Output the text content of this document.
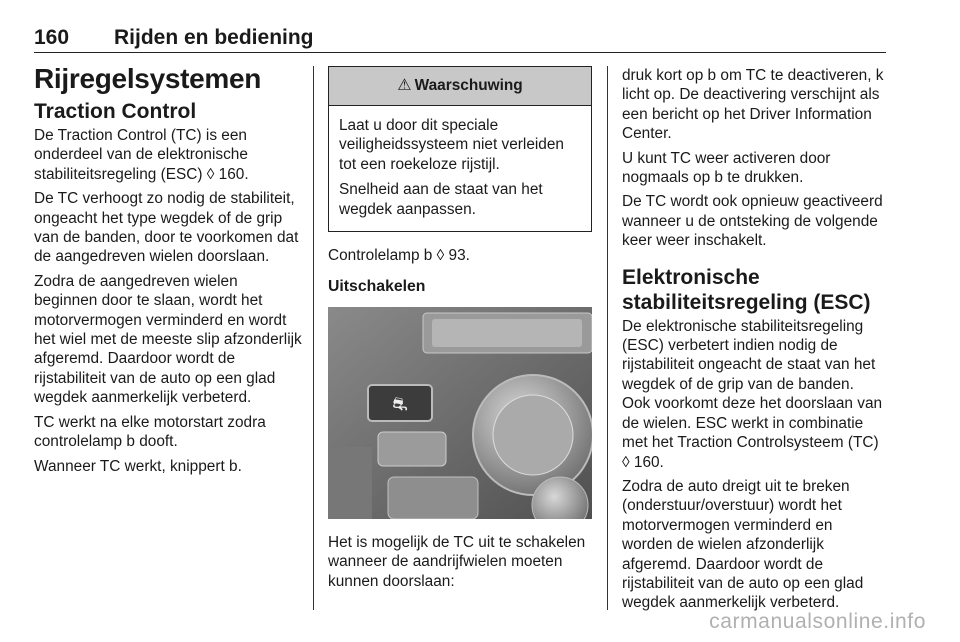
160 Rijden en bediening
Rijregelsystemen
Traction Control

De Traction Control (TC) is een onderdeel van de elektronische stabiliteitsregeling (ESC) ◊ 160.

De TC verhoogt zo nodig de stabiliteit, ongeacht het type wegdek of de grip van de banden, door te voorkomen dat de aangedreven wielen doorslaan.

Zodra de aangedreven wielen beginnen door te slaan, wordt het motorvermogen verminderd en wordt het wiel met de meeste slip afzonderlijk afgeremd. Daardoor wordt de rijstabiliteit van de auto op een glad wegdek aanmerkelijk verbeterd.

TC werkt na elke motorstart zodra controlelamp b dooft.

Wanneer TC werkt, knippert b.

⚠ Waarschuwing

Laat u door dit speciale veiligheidssysteem niet verleiden tot een roekeloze rijstijl.

Snelheid aan de staat van het wegdek aanpassen.

Controlelamp b ◊ 93.

Uitschakelen
⛐

Het is mogelijk de TC uit te schakelen wanneer de aandrijfwielen moeten kunnen doorslaan:

druk kort op b om TC te deactiveren, k licht op. De deactivering verschijnt als een bericht op het Driver Information Center.

U kunt TC weer activeren door nogmaals op b te drukken.

De TC wordt ook opnieuw geactiveerd wanneer u de ontsteking de volgende keer weer inschakelt.

Elektronische stabiliteitsregeling (ESC)

De elektronische stabiliteitsregeling (ESC) verbetert indien nodig de rijstabiliteit ongeacht de staat van het wegdek of de grip van de banden. Ook voorkomt deze het doorslaan van de wielen. ESC werkt in combinatie met het Traction Controlsysteem (TC) ◊ 160.

Zodra de auto dreigt uit te breken (onderstuur/overstuur) wordt het motorvermogen verminderd en worden de wielen afzonderlijk afgeremd. Daardoor wordt de rijstabiliteit van de auto op een glad wegdek aanmerkelijk verbeterd.

carmanualsonline.info
